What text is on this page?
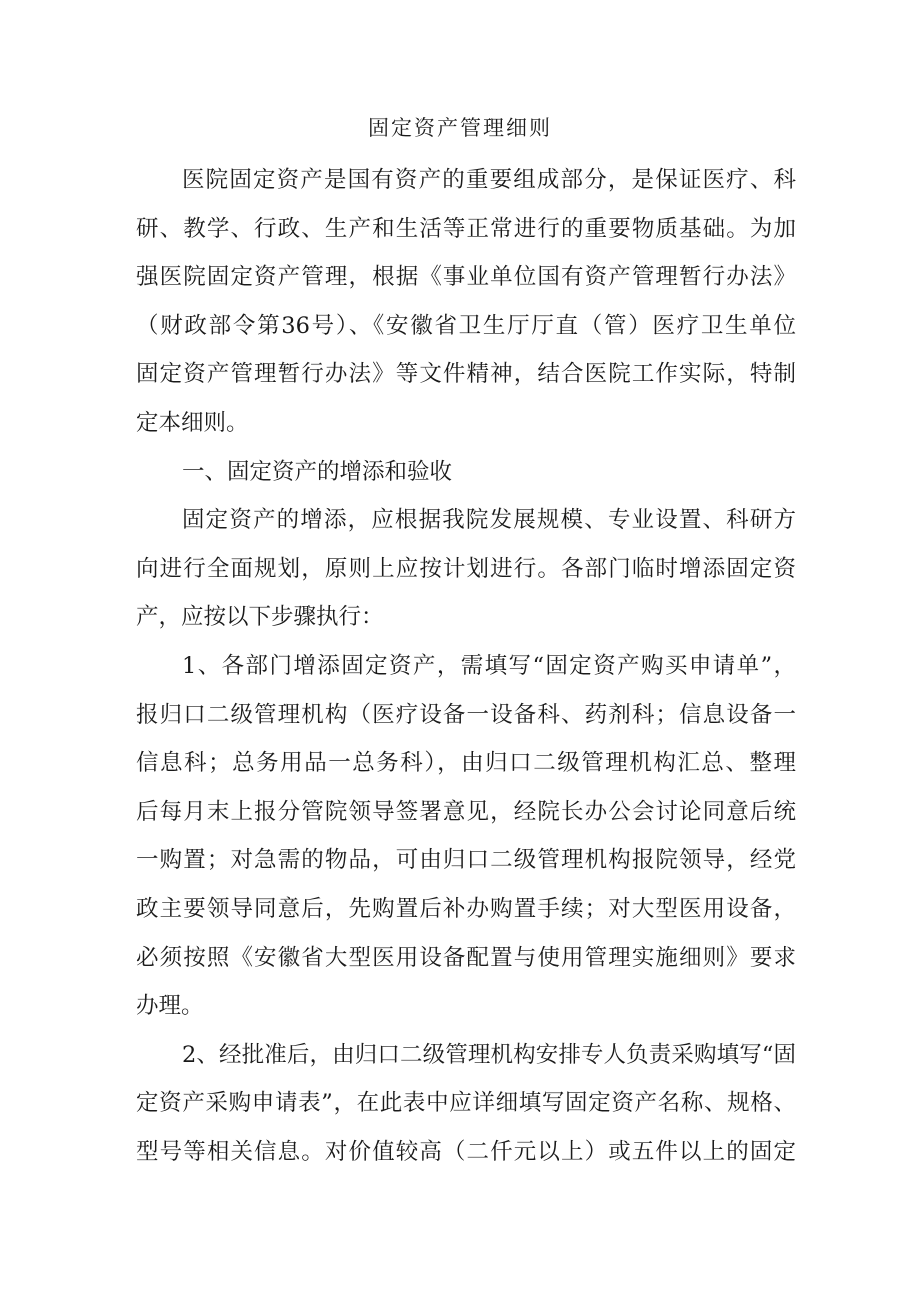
固定资产管理细则
医院固定资产是国有资产的重要组成部分，是保证医疗、科
研、教学、行政、生产和生活等正常进行的重要物质基础。为加
强医院固定资产管理，根据《事业单位国有资产管理暂行办法》
（财政部令第36号）、《安徽省卫生厅厅直（管）医疗卫生单位
固定资产管理暂行办法》等文件精神，结合医院工作实际，特制
定本细则。
一、固定资产的增添和验收
固定资产的增添，应根据我院发展规模、专业设置、科研方
向进行全面规划，原则上应按计划进行。各部门临时增添固定资
产，应按以下步骤执行：
1、各部门增添固定资产，需填写“固定资产购买申请单”，
报归口二级管理机构（医疗设备一设备科、药剂科；信息设备一
信息科；总务用品一总务科），由归口二级管理机构汇总、整理
后每月末上报分管院领导签署意见，经院长办公会讨论同意后统
一购置；对急需的物品，可由归口二级管理机构报院领导，经党
政主要领导同意后，先购置后补办购置手续；对大型医用设备，
必须按照《安徽省大型医用设备配置与使用管理实施细则》要求
办理。
2、经批准后，由归口二级管理机构安排专人负责采购填写“固
定资产采购申请表”，在此表中应详细填写固定资产名称、规格、
型号等相关信息。对价值较高（二仟元以上）或五件以上的固定
